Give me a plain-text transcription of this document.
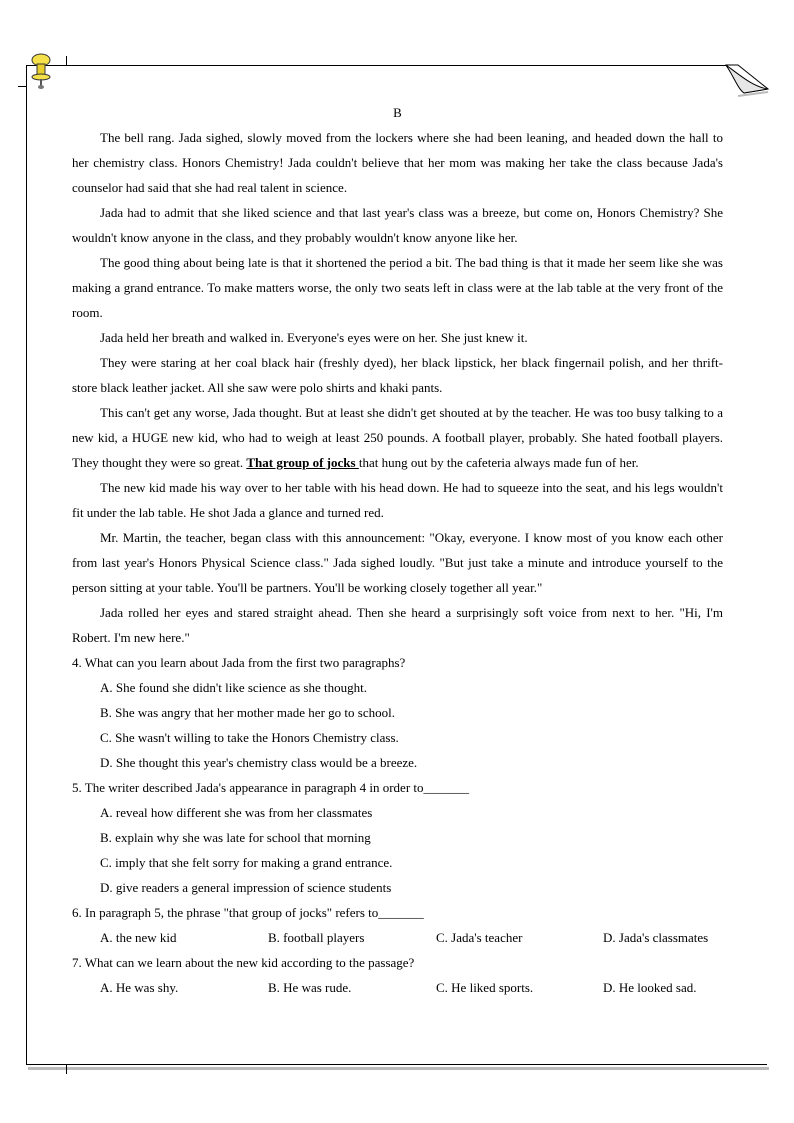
B

The bell rang. Jada sighed, slowly moved from the lockers where she had been leaning, and headed down the hall to her chemistry class. Honors Chemistry! Jada couldn't believe that her mom was making her take the class because Jada's counselor had said that she had real talent in science.

Jada had to admit that she liked science and that last year's class was a breeze, but come on, Honors Chemistry? She wouldn't know anyone in the class, and they probably wouldn't know anyone like her.

The good thing about being late is that it shortened the period a bit. The bad thing is that it made her seem like she was making a grand entrance. To make matters worse, the only two seats left in class were at the lab table at the very front of the room.

Jada held her breath and walked in. Everyone's eyes were on her. She just knew it.

They were staring at her coal black hair (freshly dyed), her black lipstick, her black fingernail polish, and her thrift-store black leather jacket. All she saw were polo shirts and khaki pants.

This can't get any worse, Jada thought. But at least she didn't get shouted at by the teacher. He was too busy talking to a new kid, a HUGE new kid, who had to weigh at least 250 pounds. A football player, probably. She hated football players. They thought they were so great. That group of jocks that hung out by the cafeteria always made fun of her.

The new kid made his way over to her table with his head down. He had to squeeze into the seat, and his legs wouldn't fit under the lab table. He shot Jada a glance and turned red.

Mr. Martin, the teacher, began class with this announcement: "Okay, everyone. I know most of you know each other from last year's Honors Physical Science class." Jada sighed loudly. "But just take a minute and introduce yourself to the person sitting at your table. You'll be partners. You'll be working closely together all year."

Jada rolled her eyes and stared straight ahead. Then she heard a surprisingly soft voice from next to her. "Hi, I'm Robert. I'm new here."

4. What can you learn about Jada from the first two paragraphs?

A. She found she didn't like science as she thought.

B. She was angry that her mother made her go to school.

C. She wasn't willing to take the Honors Chemistry class.

D. She thought this year's chemistry class would be a breeze.

5. The writer described Jada's appearance in paragraph 4 in order to_______

A. reveal how different she was from her classmates

B. explain why she was late for school that morning

C. imply that she felt sorry for making a grand entrance.

D. give readers a general impression of science students

6. In paragraph 5, the phrase "that group of jocks" refers to_______

A. the new kid	B. football players	C. Jada's teacher	D. Jada's classmates

7. What can we learn about the new kid according to the passage?

A. He was shy.	B. He was rude.	C. He liked sports.	D. He looked sad.
